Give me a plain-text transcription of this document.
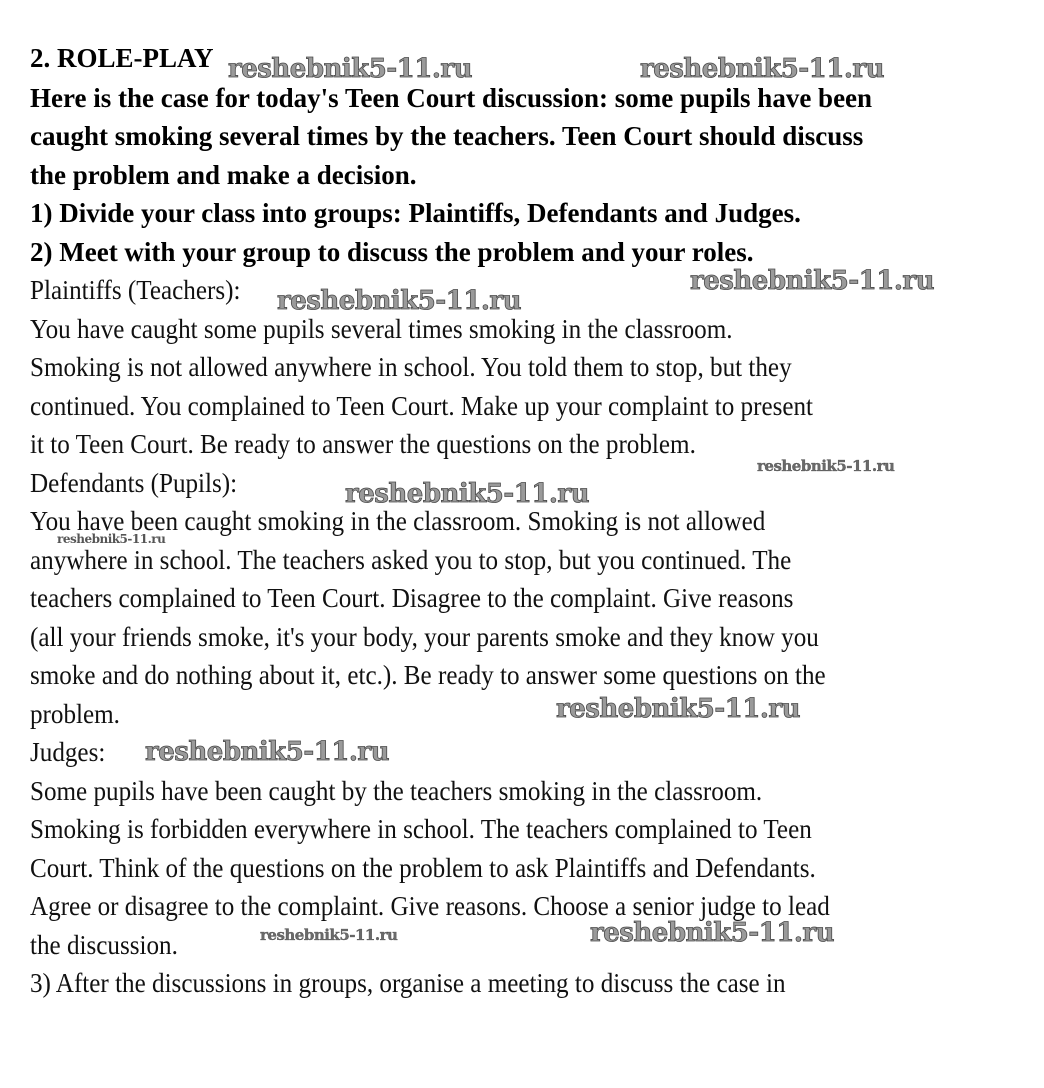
2. ROLE-PLAY
Here is the case for today's Teen Court discussion: some pupils have been
caught smoking several times by the teachers. Teen Court should discuss
the problem and make a decision.
1) Divide your class into groups: Plaintiffs, Defendants and Judges.
2) Meet with your group to discuss the problem and your roles.
Plaintiffs (Teachers):
You have caught some pupils several times smoking in the classroom.
Smoking is not allowed anywhere in school. You told them to stop, but they
continued. You complained to Teen Court. Make up your complaint to present
it to Teen Court. Be ready to answer the questions on the problem.
Defendants (Pupils):
You have been caught smoking in the classroom. Smoking is not allowed
anywhere in school. The teachers asked you to stop, but you continued. The
teachers complained to Teen Court. Disagree to the complaint. Give reasons
(all your friends smoke, it's your body, your parents smoke and they know you
smoke and do nothing about it, etc.). Be ready to answer some questions on the
problem.
Judges:
Some pupils have been caught by the teachers smoking in the classroom.
Smoking is forbidden everywhere in school. The teachers complained to Teen
Court. Think of the questions on the problem to ask Plaintiffs and Defendants.
Agree or disagree to the complaint. Give reasons. Choose a senior judge to lead
the discussion.
3) After the discussions in groups, organise a meeting to discuss the case in
reshebnik5-11.ru	reshebnik5-11.ru
reshebnik5-11.ru
reshebnik5-11.ru
reshebnik5-11.ru
reshebnik5-11.ru
reshebnik5-11.ru
reshebnik5-11.ru
reshebnik5-11.ru
reshebnik5-11.ru	reshebnik5-11.ru
